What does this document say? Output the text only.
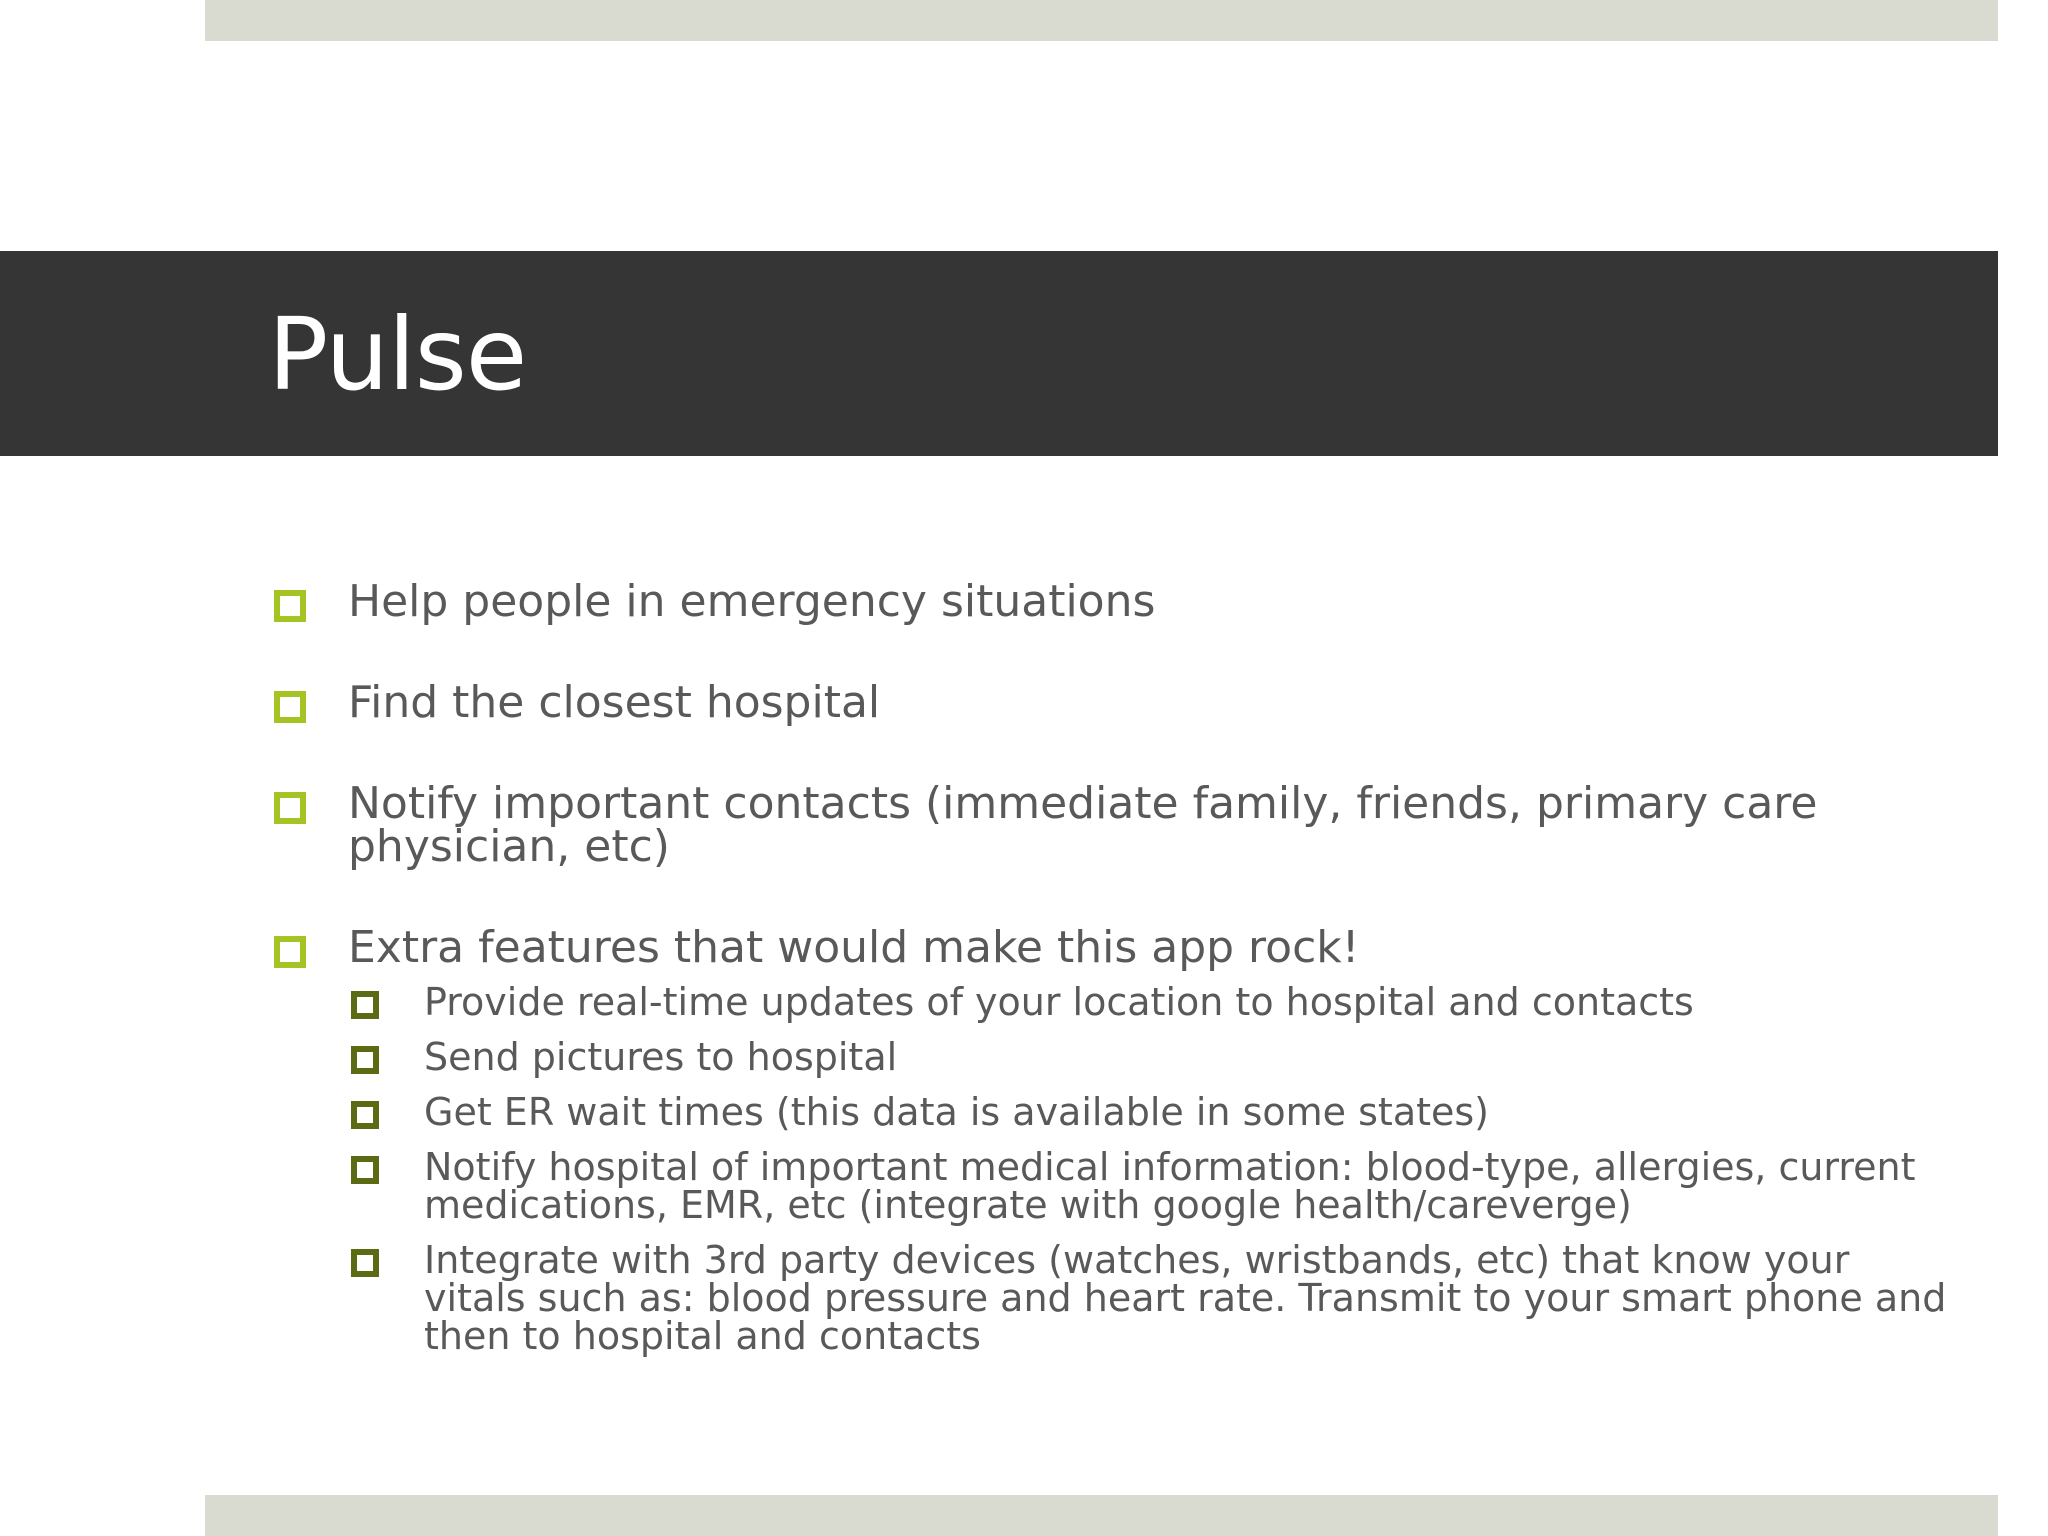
Pulse
Help people in emergency situations
Find the closest hospital
Notify important contacts (immediate family, friends, primary care physician, etc)
Extra features that would make this app rock!
Provide real-time updates of your location to hospital and contacts
Send pictures to hospital
Get ER wait times (this data is available in some states)
Notify hospital of important medical information: blood-type, allergies, current medications, EMR, etc (integrate with google health/careverge)
Integrate with 3rd party devices (watches, wristbands, etc) that know your vitals such as: blood pressure and heart rate. Transmit to your smart phone and then to hospital and contacts
